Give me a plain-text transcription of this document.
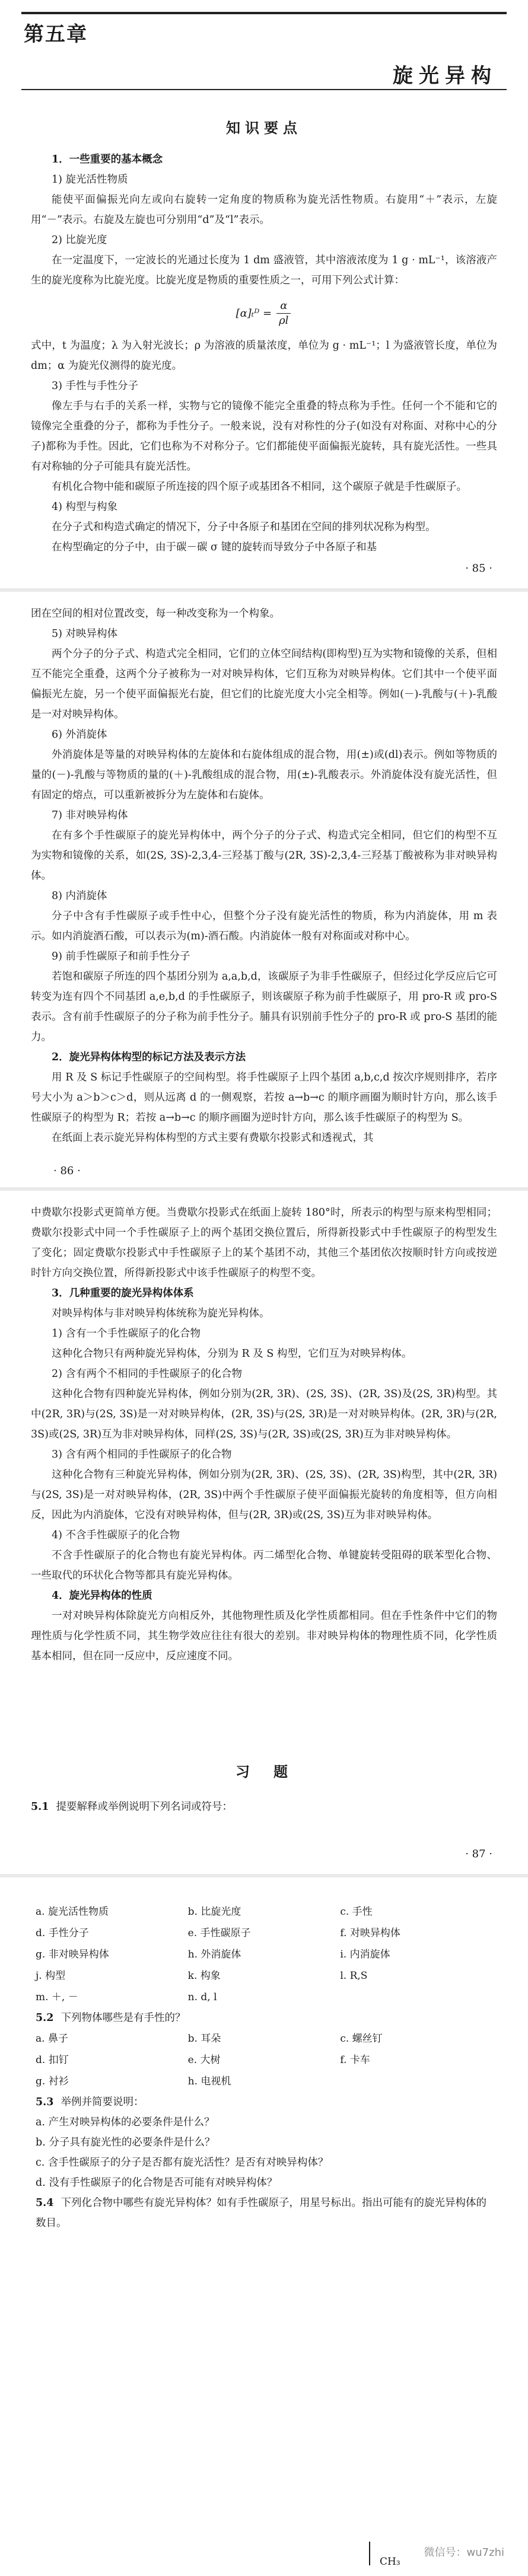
第五章
旋光异构

知识要点

1．一些重要的基本概念

1) 旋光活性物质

能使平面偏振光向左或向右旋转一定角度的物质称为旋光活性物质。右旋用“＋”表示，左旋用“－”表示。右旋及左旋也可分别用“d”及“l”表示。

2) 比旋光度

在一定温度下，一定波长的光通过长度为 1 dm 盛液管，其中溶液浓度为 1 g · mL⁻¹，该溶液产生的旋光度称为比旋光度。比旋光度是物质的重要性质之一，可用下列公式计算：

[α]ₜᴰ = $\frac{\alpha}{\rho l}$

式中，t 为温度；λ 为入射光波长；ρ 为溶液的质量浓度，单位为 g · mL⁻¹；l 为盛液管长度，单位为 dm；α 为旋光仪测得的旋光度。

3) 手性与手性分子

像左手与右手的关系一样，实物与它的镜像不能完全重叠的特点称为手性。任何一个不能和它的镜像完全重叠的分子，都称为手性分子。一般来说，没有对称性的分子(如没有对称面、对称中心的分子)都称为手性。因此，它们也称为不对称分子。它们都能使平面偏振光旋转，具有旋光活性。一些具有对称轴的分子可能具有旋光活性。

有机化合物中能和碳原子所连接的四个原子或基团各不相同，这个碳原子就是手性碳原子。

4) 构型与构象

在分子式和构造式确定的情况下，分子中各原子和基团在空间的排列状况称为构型。

在构型确定的分子中，由于碳－碳 σ 键的旋转而导致分子中各原子和基

· 85 ·

团在空间的相对位置改变，每一种改变称为一个构象。

5) 对映异构体

两个分子的分子式、构造式完全相同，它们的立体空间结构(即构型)互为实物和镜像的关系，但相互不能完全重叠，这两个分子被称为一对对映异构体，它们互称为对映异构体。它们其中一个使平面偏振光左旋，另一个使平面偏振光右旋，但它们的比旋光度大小完全相等。例如(－)-乳酸与(＋)-乳酸是一对对映异构体。

6) 外消旋体

外消旋体是等量的对映异构体的左旋体和右旋体组成的混合物，用(±)或(dl)表示。例如等物质的量的(－)-乳酸与等物质的量的(＋)-乳酸组成的混合物，用(±)-乳酸表示。外消旋体没有旋光活性，但有固定的熔点，可以重新被拆分为左旋体和右旋体。

7) 非对映异构体

在有多个手性碳原子的旋光异构体中，两个分子的分子式、构造式完全相同，但它们的构型不互为实物和镜像的关系，如(2S, 3S)-2,3,4-三羟基丁酸与(2R, 3S)-2,3,4-三羟基丁酸被称为非对映异构体。

8) 内消旋体

分子中含有手性碳原子或手性中心，但整个分子没有旋光活性的物质，称为内消旋体，用 m 表示。如内消旋酒石酸，可以表示为(m)-酒石酸。内消旋体一般有对称面或对称中心。

9) 前手性碳原子和前手性分子

若饱和碳原子所连的四个基团分别为 a,a,b,d，该碳原子为非手性碳原子，但经过化学反应后它可转变为连有四个不同基团 a,e,b,d 的手性碳原子，则该碳原子称为前手性碳原子，用 pro-R 或 pro-S 表示。含有前手性碳原子的分子称为前手性分子。脯具有识别前手性分子的 pro-R 或 pro-S 基团的能力。

2．旋光异构体构型的标记方法及表示方法

用 R 及 S 标记手性碳原子的空间构型。将手性碳原子上四个基团 a,b,c,d 按次序规则排序，若序号大小为 a＞b＞c＞d，则从远离 d 的一侧观察，若按 a→b→c 的顺序画圈为顺时针方向，那么该手性碳原子的构型为 R；若按 a→b→c 的顺序画圈为逆时针方向，那么该手性碳原子的构型为 S。

在纸面上表示旋光异构体构型的方式主要有费歇尔投影式和透视式，其

· 86 ·

中费歇尔投影式更简单方便。当费歇尔投影式在纸面上旋转 180°时，所表示的构型与原来构型相同；费歇尔投影式中同一个手性碳原子上的两个基团交换位置后，所得新投影式中手性碳原子的构型发生了变化；固定费歇尔投影式中手性碳原子上的某个基团不动，其他三个基团依次按顺时针方向或按逆时针方向交换位置，所得新投影式中该手性碳原子的构型不变。

3．几种重要的旋光异构体体系

对映异构体与非对映异构体统称为旋光异构体。

1) 含有一个手性碳原子的化合物

这种化合物只有两种旋光异构体，分别为 R 及 S 构型，它们互为对映异构体。

2) 含有两个不相同的手性碳原子的化合物

这种化合物有四种旋光异构体，例如分别为(2R, 3R)、(2S, 3S)、(2R, 3S)及(2S, 3R)构型。其中(2R, 3R)与(2S, 3S)是一对对映异构体，(2R, 3S)与(2S, 3R)是一对对映异构体。(2R, 3R)与(2R, 3S)或(2S, 3R)互为非对映异构体，同样(2S, 3S)与(2R, 3S)或(2S, 3R)互为非对映异构体。

3) 含有两个相同的手性碳原子的化合物

这种化合物有三种旋光异构体，例如分别为(2R, 3R)、(2S, 3S)、(2R, 3S)构型，其中(2R, 3R)与(2S, 3S)是一对对映异构体，(2R, 3S)中两个手性碳原子使平面偏振光旋转的角度相等，但方向相反，因此为内消旋体，它没有对映异构体，但与(2R, 3R)或(2S, 3S)互为非对映异构体。

4) 不含手性碳原子的化合物

不含手性碳原子的化合物也有旋光异构体。丙二烯型化合物、单键旋转受阻碍的联苯型化合物、一些取代的环状化合物等都具有旋光异构体。

4．旋光异构体的性质

一对对映异构体除旋光方向相反外，其他物理性质及化学性质都相同。但在手性条件中它们的物理性质与化学性质不同，其生物学效应往往有很大的差别。非对映异构体的物理性质不同，化学性质基本相同，但在同一反应中，反应速度不同。

习　题

5.1 提要解释或举例说明下列名词或符号：

· 87 ·
a. 旋光活性物质	b. 比旋光度	c. 手性
d. 手性分子	e. 手性碳原子	f. 对映异构体
g. 非对映异构体	h. 外消旋体	i. 内消旋体
j. 构型	k. 构象	l. R,S
m. ＋, －	n. d, l

5.2 下列物体哪些是有手性的？

a. 鼻子	b. 耳朵	c. 螺丝钉
d. 扣钉	e. 大树	f. 卡车
g. 衬衫	h. 电视机

5.3 举例并简要说明：

a. 产生对映异构体的必要条件是什么？

b. 分子具有旋光性的必要条件是什么？

c. 含手性碳原子的分子是否都有旋光活性？是否有对映异构体？

d. 没有手性碳原子的化合物是否可能有对映异构体？

5.4 下列化合物中哪些有旋光异构体？如有手性碳原子，用星号标出。指出可能有的旋光异构体的数目。

CH₃
微信号：wu7zhi
